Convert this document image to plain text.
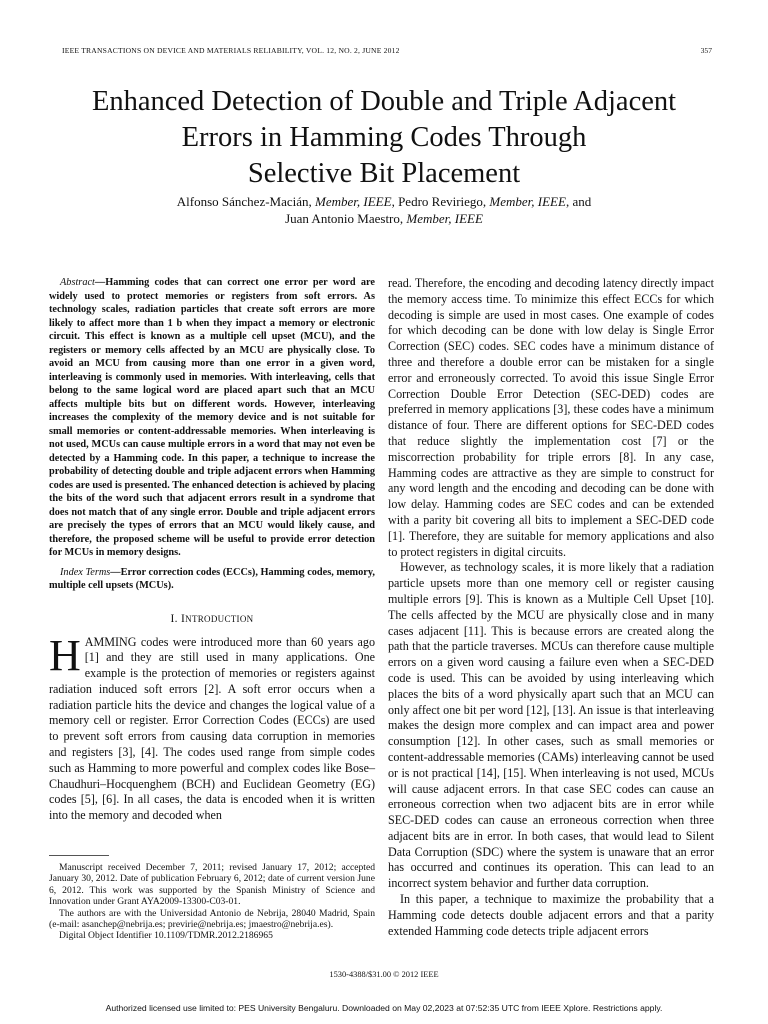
IEEE TRANSACTIONS ON DEVICE AND MATERIALS RELIABILITY, VOL. 12, NO. 2, JUNE 2012	357
Enhanced Detection of Double and Triple Adjacent
Errors in Hamming Codes Through
Selective Bit Placement
Alfonso Sánchez-Macián, Member, IEEE, Pedro Reviriego, Member, IEEE, and
Juan Antonio Maestro, Member, IEEE

Abstract—Hamming codes that can correct one error per word are widely used to protect memories or registers from soft errors. As technology scales, radiation particles that create soft errors are more likely to affect more than 1 b when they impact a memory or electronic circuit. This effect is known as a multiple cell upset (MCU), and the registers or memory cells affected by an MCU are physically close. To avoid an MCU from causing more than one error in a given word, interleaving is commonly used in memories. With interleaving, cells that belong to the same logical word are placed apart such that an MCU affects multiple bits but on different words. However, interleaving increases the complexity of the memory device and is not suitable for small memories or content-addressable memories. When interleaving is not used, MCUs can cause multiple errors in a word that may not even be detected by a Hamming code. In this paper, a technique to increase the probability of detecting double and triple adjacent errors when Hamming codes are used is presented. The enhanced detection is achieved by placing the bits of the word such that adjacent errors result in a syndrome that does not match that of any single error. Double and triple adjacent errors are precisely the types of errors that an MCU would likely cause, and therefore, the proposed scheme will be useful to provide error detection for MCUs in memory designs.

Index Terms—Error correction codes (ECCs), Hamming codes, memory, multiple cell upsets (MCUs).

I. INTRODUCTION

HAMMING codes were introduced more than 60 years ago [1] and they are still used in many applications. One example is the protection of memories or registers against radiation induced soft errors [2]. A soft error occurs when a radiation particle hits the device and changes the logical value of a memory cell or register. Error Correction Codes (ECCs) are used to prevent soft errors from causing data corruption in memories and registers [3], [4]. The codes used range from simple codes such as Hamming to more powerful and complex codes like Bose–Chaudhuri–Hocquenghem (BCH) and Euclidean Geometry (EG) codes [5], [6]. In all cases, the data is encoded when it is written into the memory and decoded when

Manuscript received December 7, 2011; revised January 17, 2012; accepted January 30, 2012. Date of publication February 6, 2012; date of current version June 6, 2012. This work was supported by the Spanish Ministry of Science and Innovation under Grant AYA2009-13300-C03-01.

The authors are with the Universidad Antonio de Nebrija, 28040 Madrid, Spain (e-mail: asanchep@nebrija.es; previrie@nebrija.es; jmaestro@nebrija.es).

Digital Object Identifier 10.1109/TDMR.2012.2186965

read. Therefore, the encoding and decoding latency directly impact the memory access time. To minimize this effect ECCs for which decoding is simple are used in most cases. One example of codes for which decoding can be done with low delay is Single Error Correction (SEC) codes. SEC codes have a minimum distance of three and therefore a double error can be mistaken for a single error and erroneously corrected. To avoid this issue Single Error Correction Double Error Detection (SEC-DED) codes are preferred in memory applications [3], these codes have a minimum distance of four. There are different options for SEC-DED codes that reduce slightly the implementation cost [7] or the miscorrection probability for triple errors [8]. In any case, Hamming codes are attractive as they are simple to construct for any word length and the encoding and decoding can be done with low delay. Hamming codes are SEC codes and can be extended with a parity bit covering all bits to implement a SEC-DED code [1]. Therefore, they are suitable for memory applications and also to protect registers in digital circuits.

However, as technology scales, it is more likely that a radiation particle upsets more than one memory cell or register causing multiple errors [9]. This is known as a Multiple Cell Upset [10]. The cells affected by the MCU are physically close and in many cases adjacent [11]. This is because errors are created along the path that the particle traverses. MCUs can therefore cause multiple errors on a given word causing a failure even when a SEC-DED code is used. This can be avoided by using interleaving which places the bits of a word physically apart such that an MCU can only affect one bit per word [12], [13]. An issue is that interleaving makes the design more complex and can impact area and power consumption [12]. In other cases, such as small memories or content-addressable memories (CAMs) interleaving cannot be used or is not practical [14], [15]. When interleaving is not used, MCUs will cause adjacent errors. In that case SEC codes can cause an erroneous correction when two adjacent bits are in error while SEC-DED codes can cause an erroneous correction when three adjacent bits are in error. In both cases, that would lead to Silent Data Corruption (SDC) where the system is unaware that an error has occurred and continues its operation. This can lead to an incorrect system behavior and further data corruption.

In this paper, a technique to maximize the probability that a Hamming code detects double adjacent errors and that a parity extended Hamming code detects triple adjacent errors

1530-4388/$31.00 © 2012 IEEE
Authorized licensed use limited to: PES University Bengaluru. Downloaded on May 02,2023 at 07:52:35 UTC from IEEE Xplore. Restrictions apply.
